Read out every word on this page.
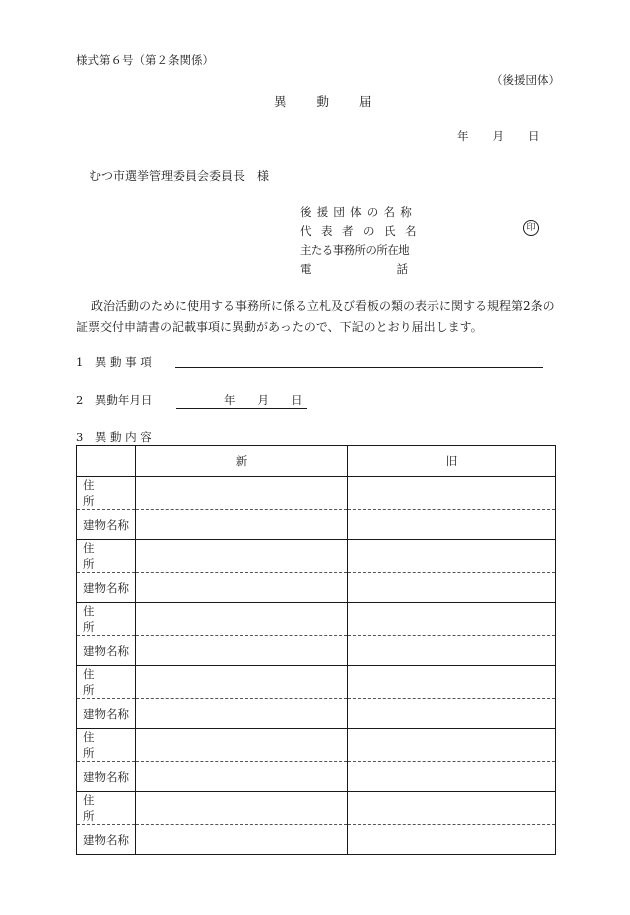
様式第６号（第２条関係）
（後援団体）
異 動 届
年 月 日
むつ市選挙管理委員会委員長 様
後援団体の名称
代表者の氏名
主たる事務所の所在地
電	話
印
政治活動のために使用する事務所に係る立札及び看板の類の表示に関する規程第2条の証票交付申請書の記載事項に異動があったので、下記のとおり届出します。
1　異 動 事 項
2　異動年月日	年 月 日
3　異 動 内 容
	新	旧
住所		
建物名称		
住所		
建物名称		
住所		
建物名称		
住所		
建物名称		
住所		
建物名称		
住所		
建物名称		
